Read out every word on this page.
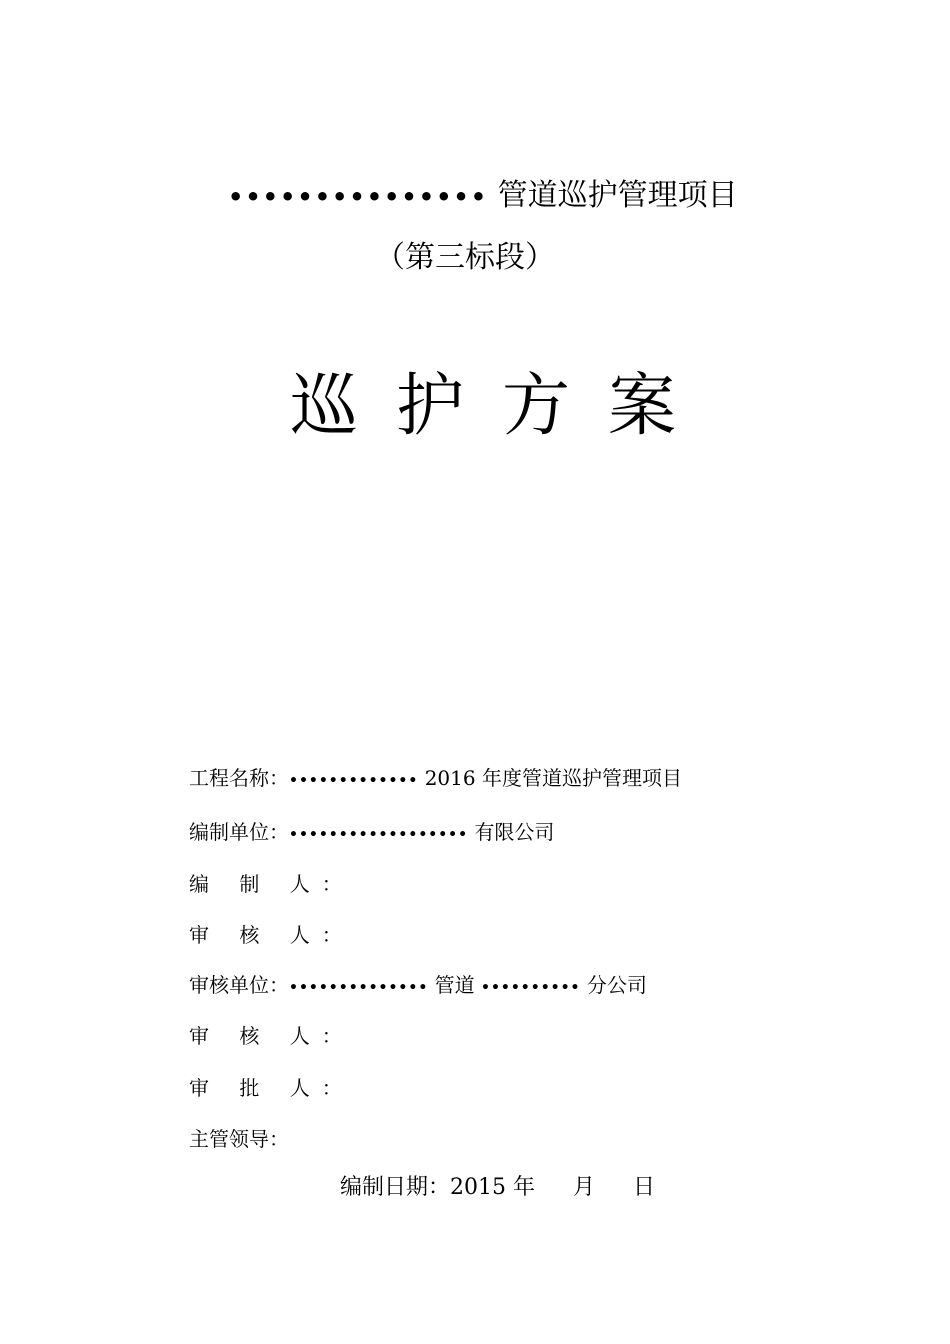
••••••••••••••• 管道巡护管理项目
（第三标段）
巡护方案
工程名称：••••••••••••• 2016 年度管道巡护管理项目
编制单位：•••••••••••••••••• 有限公司
编 制 人：
审 核 人：
审核单位：•••••••••••••• 管道 •••••••••• 分公司
审 核 人：
审 批 人：
主管领导：
编制日期：2015 年 月 日
